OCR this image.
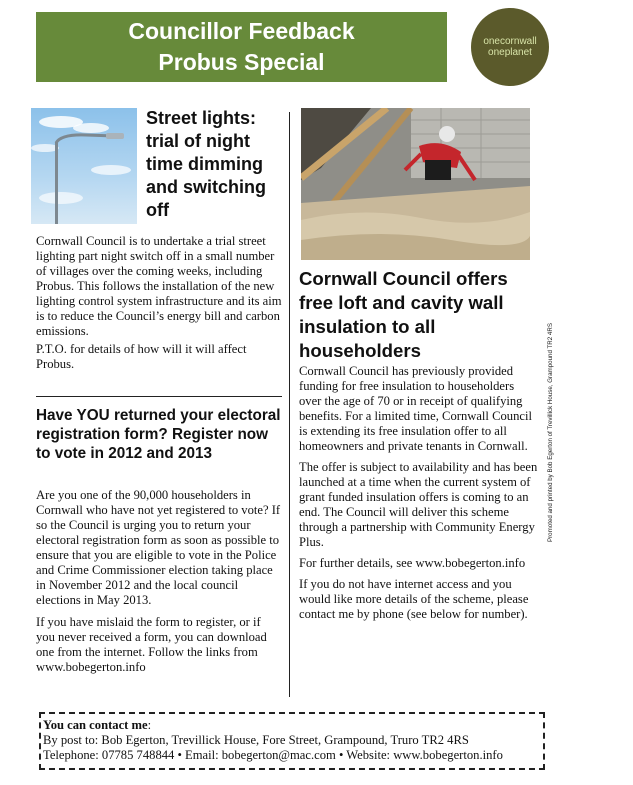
Councillor Feedback
Probus Special
onecornwall
oneplanet
Street lights: trial of night time dimming and switching off

Cornwall Council is to undertake a trial street lighting part night switch off in a small number of villages over the coming weeks, including Probus. This follows the installation of the new lighting control system infrastructure and its aim is to reduce the Council’s energy bill and carbon emissions.

P.T.O. for details of how will it will affect Probus.

Have YOU returned your electoral registration form? Register now to vote in 2012 and 2013

Are you one of the 90,000 householders in Cornwall who have not yet registered to vote? If so the Council is urging you to return your electoral registration form as soon as possible to ensure that you are eligible to vote in the Police and Crime Commissioner election taking place in November 2012 and the local council elections in May 2013.

If you have mislaid the form to register, or if you never received a form, you can download one from the internet. Follow the links from www.bobegerton.info

Cornwall Council offers free loft and cavity wall insulation to all householders

Cornwall Council has previously provided funding for free insulation to householders over the age of 70 or in receipt of qualifying benefits. For a limited time, Cornwall Council is extending its free insulation offer to all homeowners and private tenants in Cornwall.

The offer is subject to availability and has been launched at a time when the current system of grant funded insulation offers is coming to an end. The Council will deliver this scheme through a partnership with Community Energy Plus.

For further details, see www.bobegerton.info

If you do not have internet access and you would like more details of the scheme, please contact me by phone (see below for number).

Promoted and printed by Bob Egerton of Trevillick House, Grampound TR2 4RS
You can contact me:
By post to: Bob Egerton, Trevillick House, Fore Street, Grampound, Truro TR2 4RS
Telephone: 07785 748844 • Email: bobegerton@mac.com • Website: www.bobegerton.info
